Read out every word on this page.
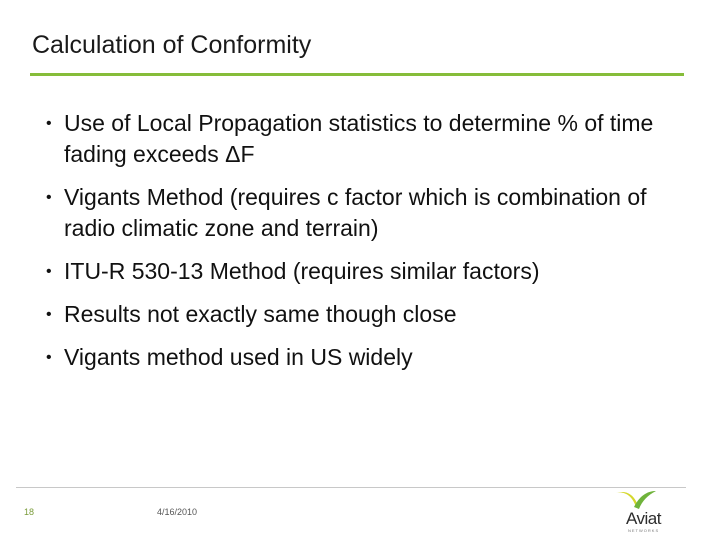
Calculation of Conformity
• Use of Local Propagation statistics to determine % of time fading exceeds ΔF
• Vigants Method (requires c factor which is combination of radio climatic zone and terrain)
• ITU-R 530-13 Method (requires similar factors)
• Results not exactly same though close
• Vigants method used in US widely
18	4/16/2010	Aviat
NETWORKS
